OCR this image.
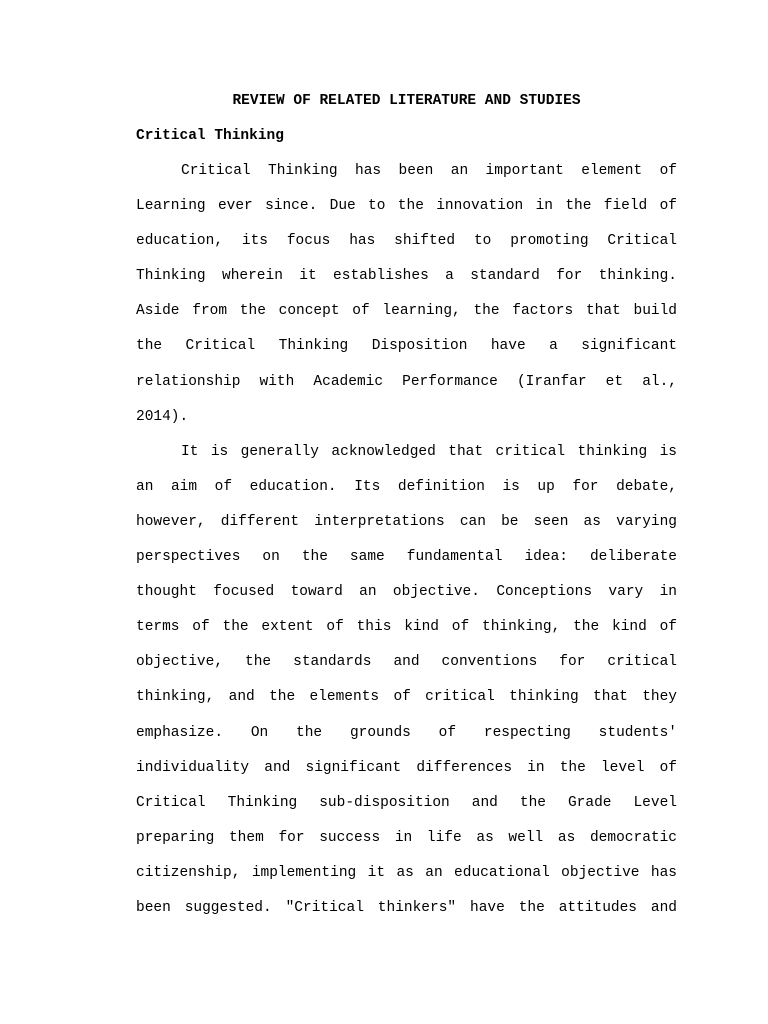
REVIEW OF RELATED LITERATURE AND STUDIES
Critical Thinking
Critical Thinking has been an important element of
Learning ever since. Due to the innovation in the field of
education, its focus has shifted to promoting Critical
Thinking wherein it establishes a standard for thinking.
Aside from the concept of learning, the factors that build
the Critical Thinking Disposition have a significant
relationship with Academic Performance (Iranfar et al.,
2014).
It is generally acknowledged that critical thinking is
an aim of education. Its definition is up for debate,
however, different interpretations can be seen as varying
perspectives on the same fundamental idea: deliberate
thought focused toward an objective. Conceptions vary in
terms of the extent of this kind of thinking, the kind of
objective, the standards and conventions for critical
thinking, and the elements of critical thinking that they
emphasize. On the grounds of respecting students'
individuality and significant differences in the level of
Critical Thinking sub-disposition and the Grade Level
preparing them for success in life as well as democratic
citizenship, implementing it as an educational objective has
been suggested. "Critical thinkers" have the attitudes and
